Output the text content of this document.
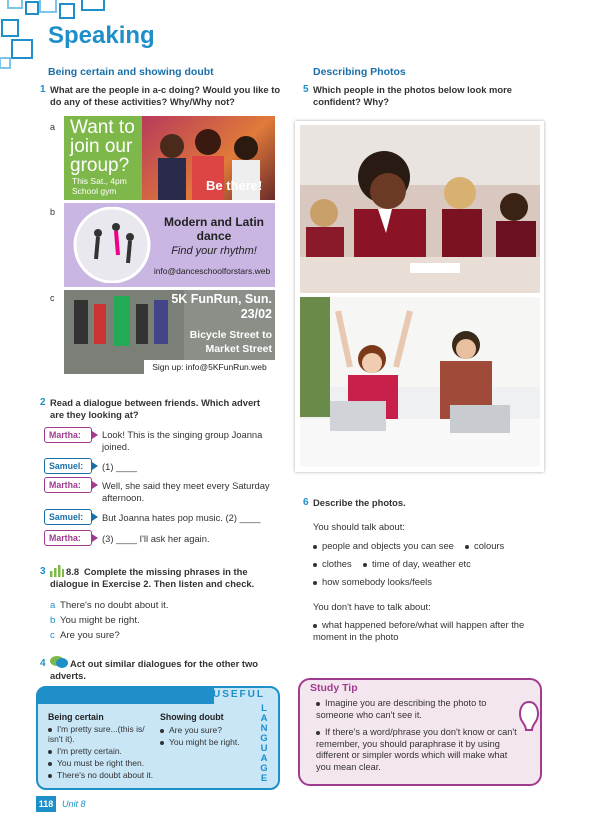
Speaking
Being certain and showing doubt
1 What are the people in a-c doing? Would you like to do any of these activities? Why/Why not?
a Want to join our group?
This Sat., 4pm School gym	Be there!
b
Modern and Latin dance
Find your rhythm!
info@danceschoolforstars.web
c	5K FunRun, Sun. 23/02
Bicycle Street to Market Street
Sign up: info@5KFunRun.web
2 Read a dialogue between friends. Which advert are they looking at?
Martha:	Look! This is the singing group Joanna joined.
Samuel:	(1) ____
Martha:	Well, she said they meet every Saturday afternoon.
Samuel:	But Joanna hates pop music. (2) ____
Martha:	(3) ____ I'll ask her again.
3 8.8 Complete the missing phrases in the dialogue in Exercise 2. Then listen and check.
a There's no doubt about it.
b You might be right.
c Are you sure?
4	Act out similar dialogues for the other two adverts.
USEFUL
LANGUAGE
Being certain
I'm pretty sure...(this is/ isn't it).
I'm pretty certain.
You must be right then.
There's no doubt about it.
Showing doubt
Are you sure?
You might be right.
118 Unit 8
Describing Photos
5 Which people in the photos below look more confident? Why?
6 Describe the photos.
You should talk about:
people and objects you can see	colours
clothes	time of day, weather etc
how somebody looks/feels
You don't have to talk about:
what happened before/what will happen after the moment in the photo
Study Tip
Imagine you are describing the photo to someone who can't see it.
If there's a word/phrase you don't know or can't remember, you should paraphrase it by using different or simpler words which will make what you mean clear.
